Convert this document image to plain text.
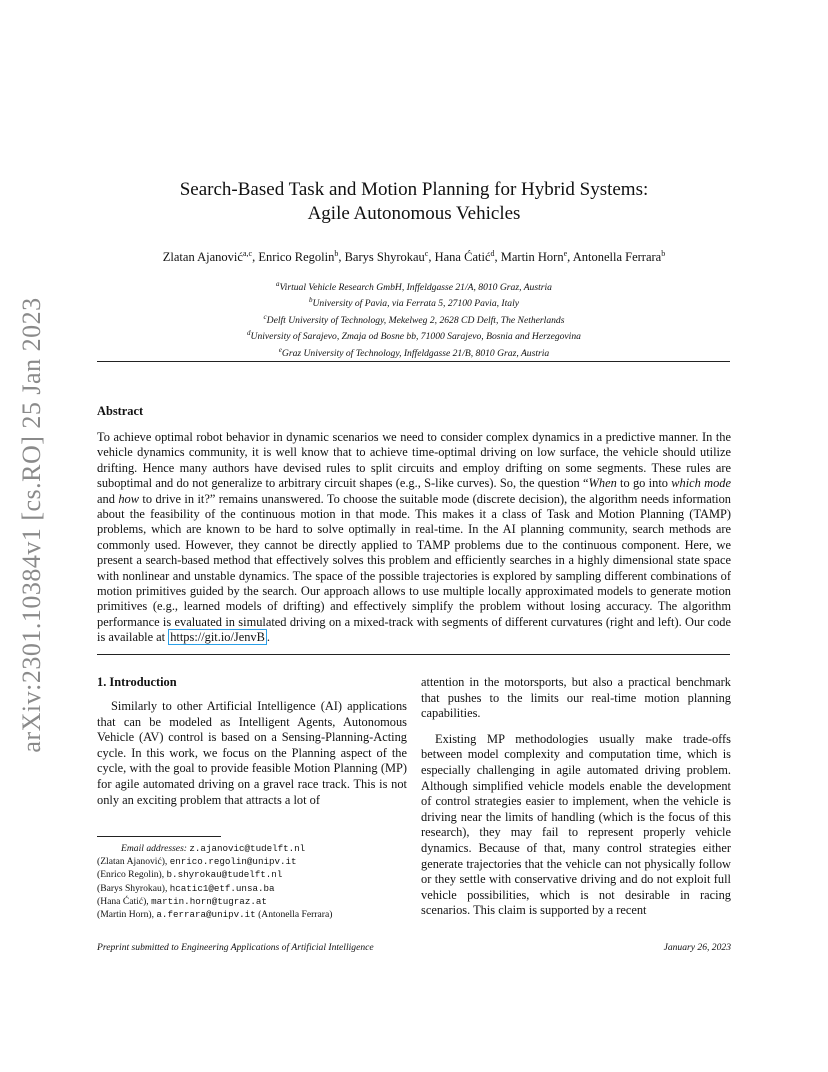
arXiv:2301.10384v1 [cs.RO] 25 Jan 2023
Search-Based Task and Motion Planning for Hybrid Systems:
Agile Autonomous Vehicles
Zlatan Ajanović$^{a,c}$, Enrico Regolin$^b$, Barys Shyrokau$^c$, Hana Ćatić$^d$, Martin Horn$^e$, Antonella Ferrara$^b$
$^a$Virtual Vehicle Research GmbH, Inffeldgasse 21/A, 8010 Graz, Austria
$^b$University of Pavia, via Ferrata 5, 27100 Pavia, Italy
$^c$Delft University of Technology, Mekelweg 2, 2628 CD Delft, The Netherlands
$^d$University of Sarajevo, Zmaja od Bosne bb, 71000 Sarajevo, Bosnia and Herzegovina
$^e$Graz University of Technology, Inffeldgasse 21/B, 8010 Graz, Austria
Abstract
To achieve optimal robot behavior in dynamic scenarios we need to consider complex dynamics in a predictive manner. In the vehicle dynamics community, it is well know that to achieve time-optimal driving on low surface, the vehicle should utilize drifting. Hence many authors have devised rules to split circuits and employ drifting on some segments. These rules are suboptimal and do not generalize to arbitrary circuit shapes (e.g., S-like curves). So, the question “When to go into which mode and how to drive in it?” remains unanswered. To choose the suitable mode (discrete decision), the algorithm needs information about the feasibility of the continuous motion in that mode. This makes it a class of Task and Motion Planning (TAMP) problems, which are known to be hard to solve optimally in real-time. In the AI planning community, search methods are commonly used. However, they cannot be directly applied to TAMP problems due to the continuous component. Here, we present a search-based method that effectively solves this problem and efficiently searches in a highly dimensional state space with nonlinear and unstable dynamics. The space of the possible trajectories is explored by sampling different combinations of motion primitives guided by the search. Our approach allows to use multiple locally approximated models to generate motion primitives (e.g., learned models of drifting) and effectively simplify the problem without losing accuracy. The algorithm performance is evaluated in simulated driving on a mixed-track with segments of different curvatures (right and left). Our code is available at https://git.io/JenvB .
1. Introduction

Similarly to other Artificial Intelligence (AI) applications that can be modeled as Intelligent Agents, Autonomous Vehicle (AV) control is based on a Sensing-Planning-Acting cycle. In this work, we focus on the Planning aspect of the cycle, with the goal to provide feasible Motion Planning (MP) for agile automated driving on a gravel race track. This is not only an exciting problem that attracts a lot of

attention in the motorsports, but also a practical benchmark that pushes to the limits our real-time motion planning capabilities.

Existing MP methodologies usually make trade-offs between model complexity and computation time, which is especially challenging in agile automated driving problem. Although simplified vehicle models enable the development of control strategies easier to implement, when the vehicle is driving near the limits of handling (which is the focus of this research), they may fail to represent properly vehicle dynamics. Because of that, many control strategies either generate trajectories that the vehicle can not physically follow or they settle with conservative driving and do not exploit full vehicle possibilities, which is not desirable in racing scenarios. This claim is supported by a recent

Email addresses: z.ajanovic@tudelft.nl
(Zlatan Ajanović), enrico.regolin@unipv.it
(Enrico Regolin), b.shyrokau@tudelft.nl
(Barys Shyrokau), hcatic1@etf.unsa.ba
(Hana Ćatić), martin.horn@tugraz.at
(Martin Horn), a.ferrara@unipv.it (Antonella Ferrara)
Preprint submitted to Engineering Applications of Artificial Intelligence	January 26, 2023
